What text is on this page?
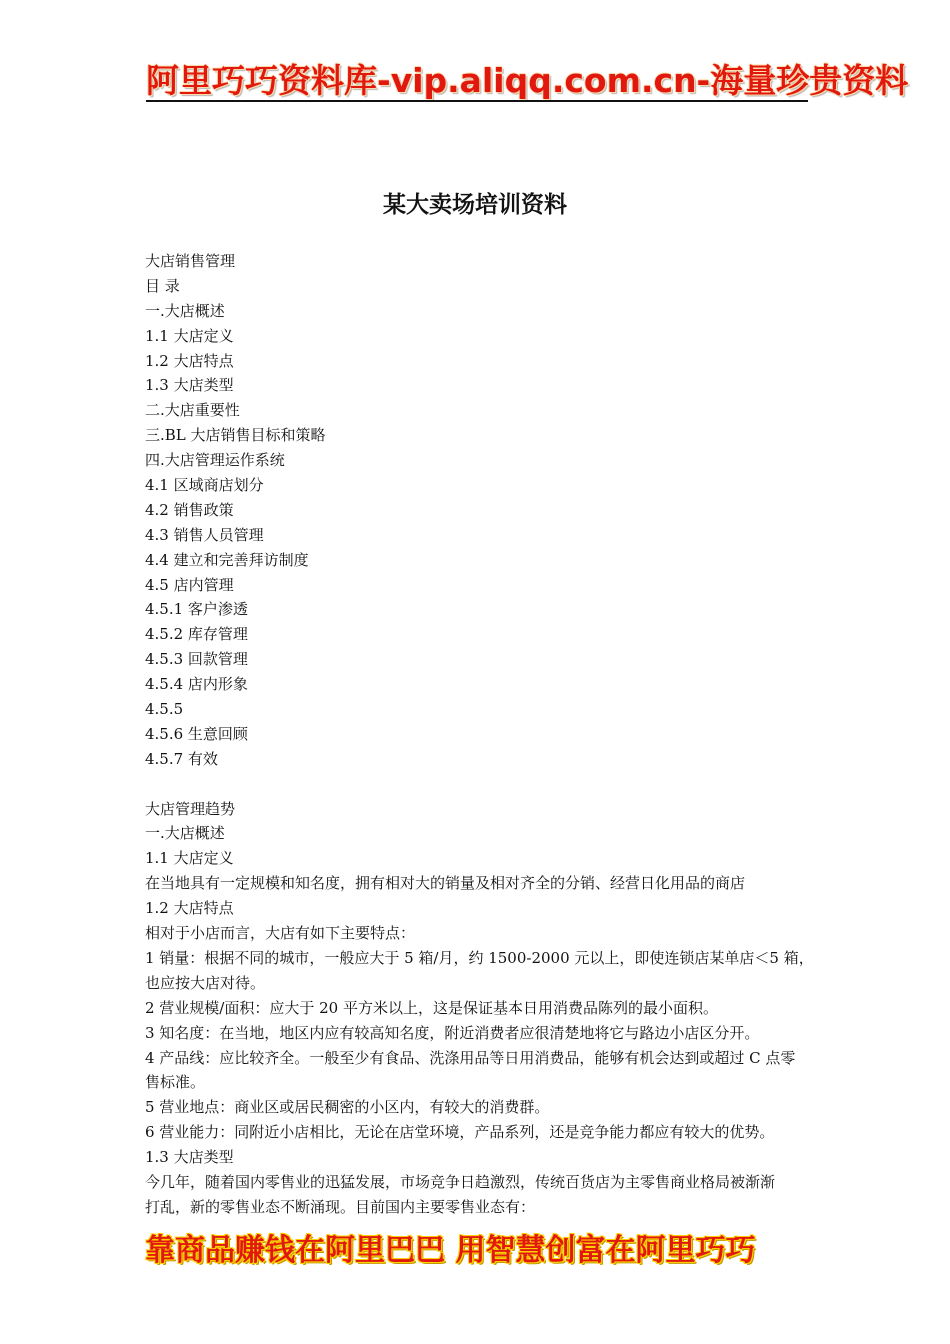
阿里巧巧资料库-vip.aliqq.com.cn-海量珍贵资料
某大卖场培训资料
大店销售管理
目 录
一.大店概述
1.1 大店定义
1.2 大店特点
1.3 大店类型
二.大店重要性
三.BL 大店销售目标和策略
四.大店管理运作系统
4.1 区域商店划分
4.2 销售政策
4.3 销售人员管理
4.4 建立和完善拜访制度
4.5 店内管理
4.5.1 客户渗透
4.5.2 库存管理
4.5.3 回款管理
4.5.4 店内形象
4.5.5
4.5.6 生意回顾
4.5.7 有效
大店管理趋势
一.大店概述
1.1 大店定义
在当地具有一定规模和知名度，拥有相对大的销量及相对齐全的分销、经营日化用品的商店
1.2 大店特点
相对于小店而言，大店有如下主要特点：
1 销量：根据不同的城市，一般应大于 5 箱/月，约 1500-2000 元以上，即使连锁店某单店＜5 箱，
也应按大店对待。
2 营业规模/面积：应大于 20 平方米以上，这是保证基本日用消费品陈列的最小面积。
3 知名度：在当地，地区内应有较高知名度，附近消费者应很清楚地将它与路边小店区分开。
4 产品线：应比较齐全。一般至少有食品、洗涤用品等日用消费品，能够有机会达到或超过 C 点零
售标准。
5 营业地点：商业区或居民稠密的小区内，有较大的消费群。
6 营业能力：同附近小店相比，无论在店堂环境，产品系列，还是竞争能力都应有较大的优势。
1.3 大店类型
今几年，随着国内零售业的迅猛发展，市场竞争日趋激烈，传统百货店为主零售商业格局被渐渐
打乱，新的零售业态不断涌现。目前国内主要零售业态有：
靠商品赚钱在阿里巴巴 用智慧创富在阿里巧巧
